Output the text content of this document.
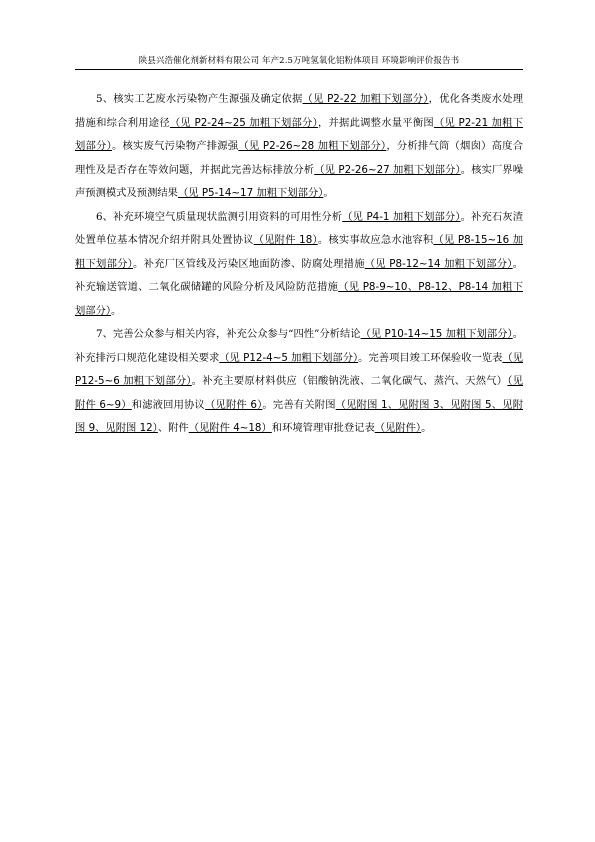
陕县兴浩催化剂新材料有限公司 年产2.5万吨氢氧化铝粉体项目 环境影响评价报告书

5、核实工艺废水污染物产生源强及确定依据（见 P2-22 加粗下划部分），优化各类废水处理措施和综合利用途径（见 P2-24~25 加粗下划部分），并据此调整水量平衡图（见 P2-21 加粗下划部分）。核实废气污染物产排源强（见 P2-26~28 加粗下划部分），分析排气筒（烟囱）高度合理性及是否存在等效问题，并据此完善达标排放分析（见 P2-26~27 加粗下划部分）。核实厂界噪声预测模式及预测结果（见 P5-14~17 加粗下划部分）。

6、补充环境空气质量现状监测引用资料的可用性分析（见 P4-1 加粗下划部分）。补充石灰渣处置单位基本情况介绍并附具处置协议（见附件 18）。核实事故应急水池容积（见 P8-15~16 加粗下划部分）。补充厂区管线及污染区地面防渗、防腐处理措施（见 P8-12~14 加粗下划部分）。补充输送管道、二氧化碳储罐的风险分析及风险防范措施（见 P8-9~10、P8-12、P8-14 加粗下划部分）。

7、完善公众参与相关内容，补充公众参与“四性”分析结论（见 P10-14~15 加粗下划部分）。补充排污口规范化建设相关要求（见 P12-4~5 加粗下划部分）。完善项目竣工环保验收一览表（见 P12-5~6 加粗下划部分）。补充主要原材料供应（铝酸钠洗液、二氧化碳气、蒸汽、天然气）（见附件 6~9）和滤液回用协议（见附件 6）。完善有关附图（见附图 1、见附图 3、见附图 5、见附图 9、见附图 12）、附件（见附件 4~18）和环境管理审批登记表（见附件）。
